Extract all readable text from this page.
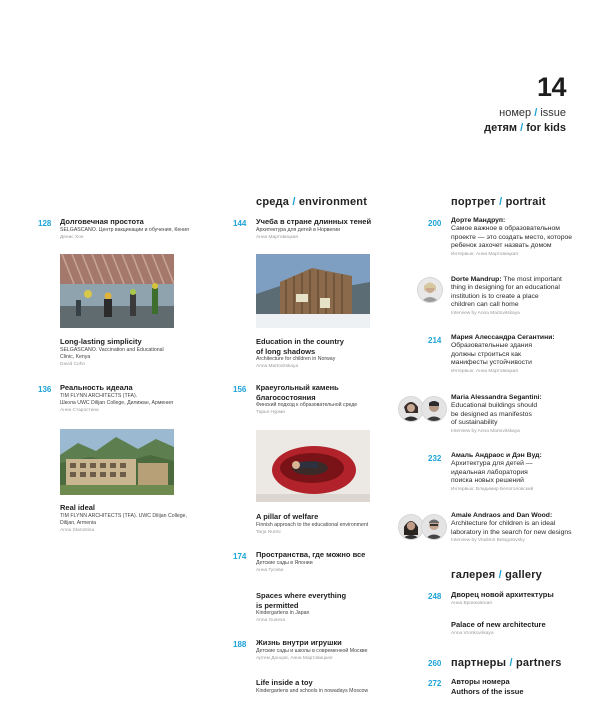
14
номер / issue
детям / for kids
среда / environment	портрет / portrait
128 Долговечная простота
SELGASCANO. Центр вакцинации и обучения, Кения
Денис Хон
Long-lasting simplicity
SELGASCANO. Vaccination and Educational
Clinic, Kenya
David Cohn
136 Реальность идеала
TIM FLYNN ARCHITECTS (TFA).
Школа UWC Dilijan College, Дилижан, Армения
Анна Старостина
Real ideal
TIM FLYNN ARCHITECTS (TFA). UWC Dilijan College,
Dilijan, Armenia
Anna Starostina
144 Учеба в стране длинных теней
Архитектура для детей в Норвегии
Анна Мартовицкая
Education in the country
of long shadows
Architecture for children in Norway
Anna Martovitskaya
156 Краеугольный камень
благосостояния
Финский подход к образовательной среде
Тарья Нурми
A pillar of welfare
Finnish approach to the educational environment
Tarja Nurmi
174 Пространства, где можно все
Детские сады в Японии
Анна Гусева
Spaces where everything
is permitted
Kindergartens in Japan
Anna Guseva
188 Жизнь внутри игрушки
Детские сады и школы в современной Москве
Артем Донцов, Анна Мартовицкая
Life inside a toy
Kindergartens and schools in nowadays Moscow
200 Дорте Мандруп:
Самое важное в образовательном
проекте — это создать место, которое
ребенок захочет назвать домом
Интервью: Анна Мартовицкая
Dorte Mandrup: The most important
thing in designing for an educational
institution is to create a place
children can call home
Interview by Anna Martovitskaya
214 Мария Алессандра Сегантини:
Образовательные здания
должны строиться как
манифесты устойчивости
Интервью: Анна Мартовицкая
Maria Alessandra Segantini:
Educational buildings should
be designed as manifestos
of sustainability
Interview by Anna Martovitskaya
232 Амаль Андраос и Дэн Вуд:
Архитектура для детей —
идеальная лаборатория
поиска новых решений
Интервью: Владимир Белоголовский
Amale Andraos and Dan Wood:
Architecture for children is an ideal
laboratory in the search for new designs
Interview by Vladimir Belogolovsky
галерея / gallery
248 Дворец новой архитектуры
Анна Вронковская
Palace of new architecture
Anna Vronkovskaya
260 партнеры / partners
272 Авторы номера
Authors of the issue
